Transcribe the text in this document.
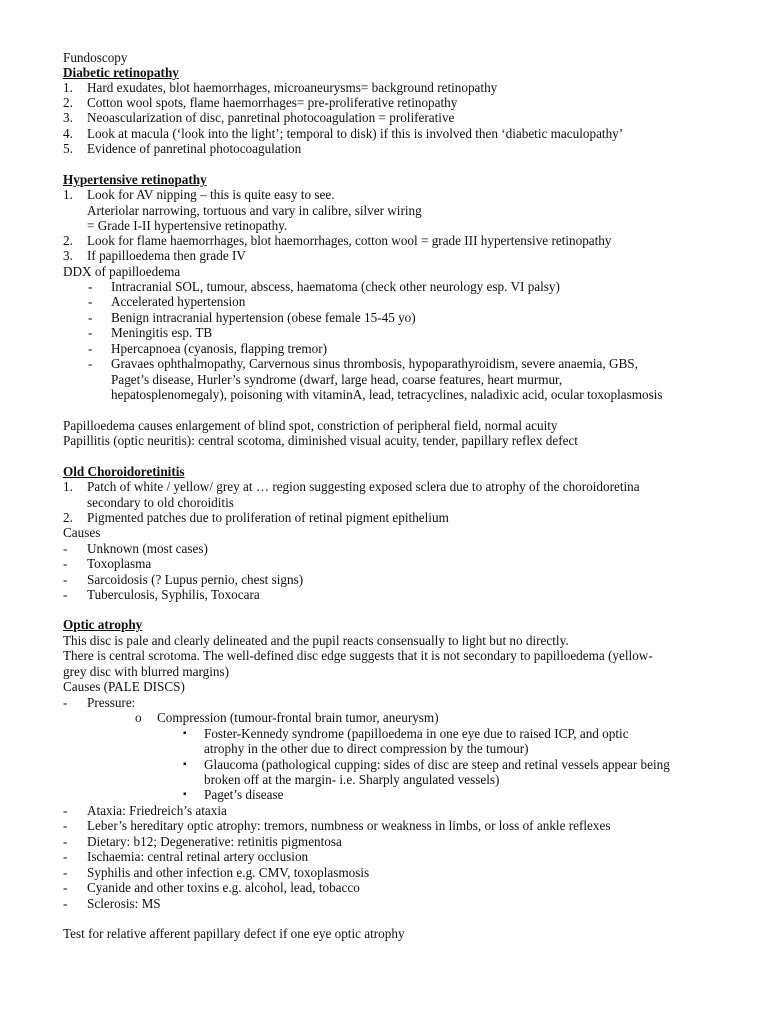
Fundoscopy
Diabetic retinopathy
1. Hard exudates, blot haemorrhages, microaneurysms= background retinopathy
2. Cotton wool spots, flame haemorrhages= pre-proliferative retinopathy
3. Neoascularization of disc, panretinal photocoagulation = proliferative
4. Look at macula (‘look into the light’; temporal to disk) if this is involved then ‘diabetic maculopathy’
5. Evidence of panretinal photocoagulation
Hypertensive retinopathy
1. Look for AV nipping – this is quite easy to see.
Arteriolar narrowing, tortuous and vary in calibre, silver wiring
= Grade I-II hypertensive retinopathy.
2. Look for flame haemorrhages, blot haemorrhages, cotton wool = grade III hypertensive retinopathy
3. If papilloedema then grade IV
DDX of papilloedema
- Intracranial SOL, tumour, abscess, haematoma (check other neurology esp. VI palsy)
- Accelerated hypertension
- Benign intracranial hypertension (obese female 15-45 yo)
- Meningitis esp. TB
- Hpercapnoea (cyanosis, flapping tremor)
- Gravaes ophthalmopathy, Carvernous sinus thrombosis, hypoparathyroidism, severe anaemia, GBS,
Paget’s disease, Hurler’s syndrome (dwarf, large head, coarse features, heart murmur,
hepatosplenomegaly), poisoning with vitaminA, lead, tetracyclines, naladixic acid, ocular toxoplasmosis
Papilloedema causes enlargement of blind spot, constriction of peripheral field, normal acuity
Papillitis (optic neuritis): central scotoma, diminished visual acuity, tender, papillary reflex defect
Old Choroidoretinitis
1. Patch of white / yellow/ grey at … region suggesting exposed sclera due to atrophy of the choroidoretina
secondary to old choroiditis
2. Pigmented patches due to proliferation of retinal pigment epithelium
Causes
- Unknown (most cases)
- Toxoplasma
- Sarcoidosis (? Lupus pernio, chest signs)
- Tuberculosis, Syphilis, Toxocara
Optic atrophy
This disc is pale and clearly delineated and the pupil reacts consensually to light but no directly.
There is central scrotoma. The well-defined disc edge suggests that it is not secondary to papilloedema (yellow-
grey disc with blurred margins)
Causes (PALE DISCS)
- Pressure:
o Compression (tumour-frontal brain tumor, aneurysm)
▪ Foster-Kennedy syndrome (papilloedema in one eye due to raised ICP, and optic
atrophy in the other due to direct compression by the tumour)
▪ Glaucoma (pathological cupping: sides of disc are steep and retinal vessels appear being
broken off at the margin- i.e. Sharply angulated vessels)
▪ Paget’s disease
- Ataxia: Friedreich’s ataxia
- Leber’s hereditary optic atrophy: tremors, numbness or weakness in limbs, or loss of ankle reflexes
- Dietary: b12; Degenerative: retinitis pigmentosa
- Ischaemia: central retinal artery occlusion
- Syphilis and other infection e.g. CMV, toxoplasmosis
- Cyanide and other toxins e.g. alcohol, lead, tobacco
- Sclerosis: MS
Test for relative afferent papillary defect if one eye optic atrophy
